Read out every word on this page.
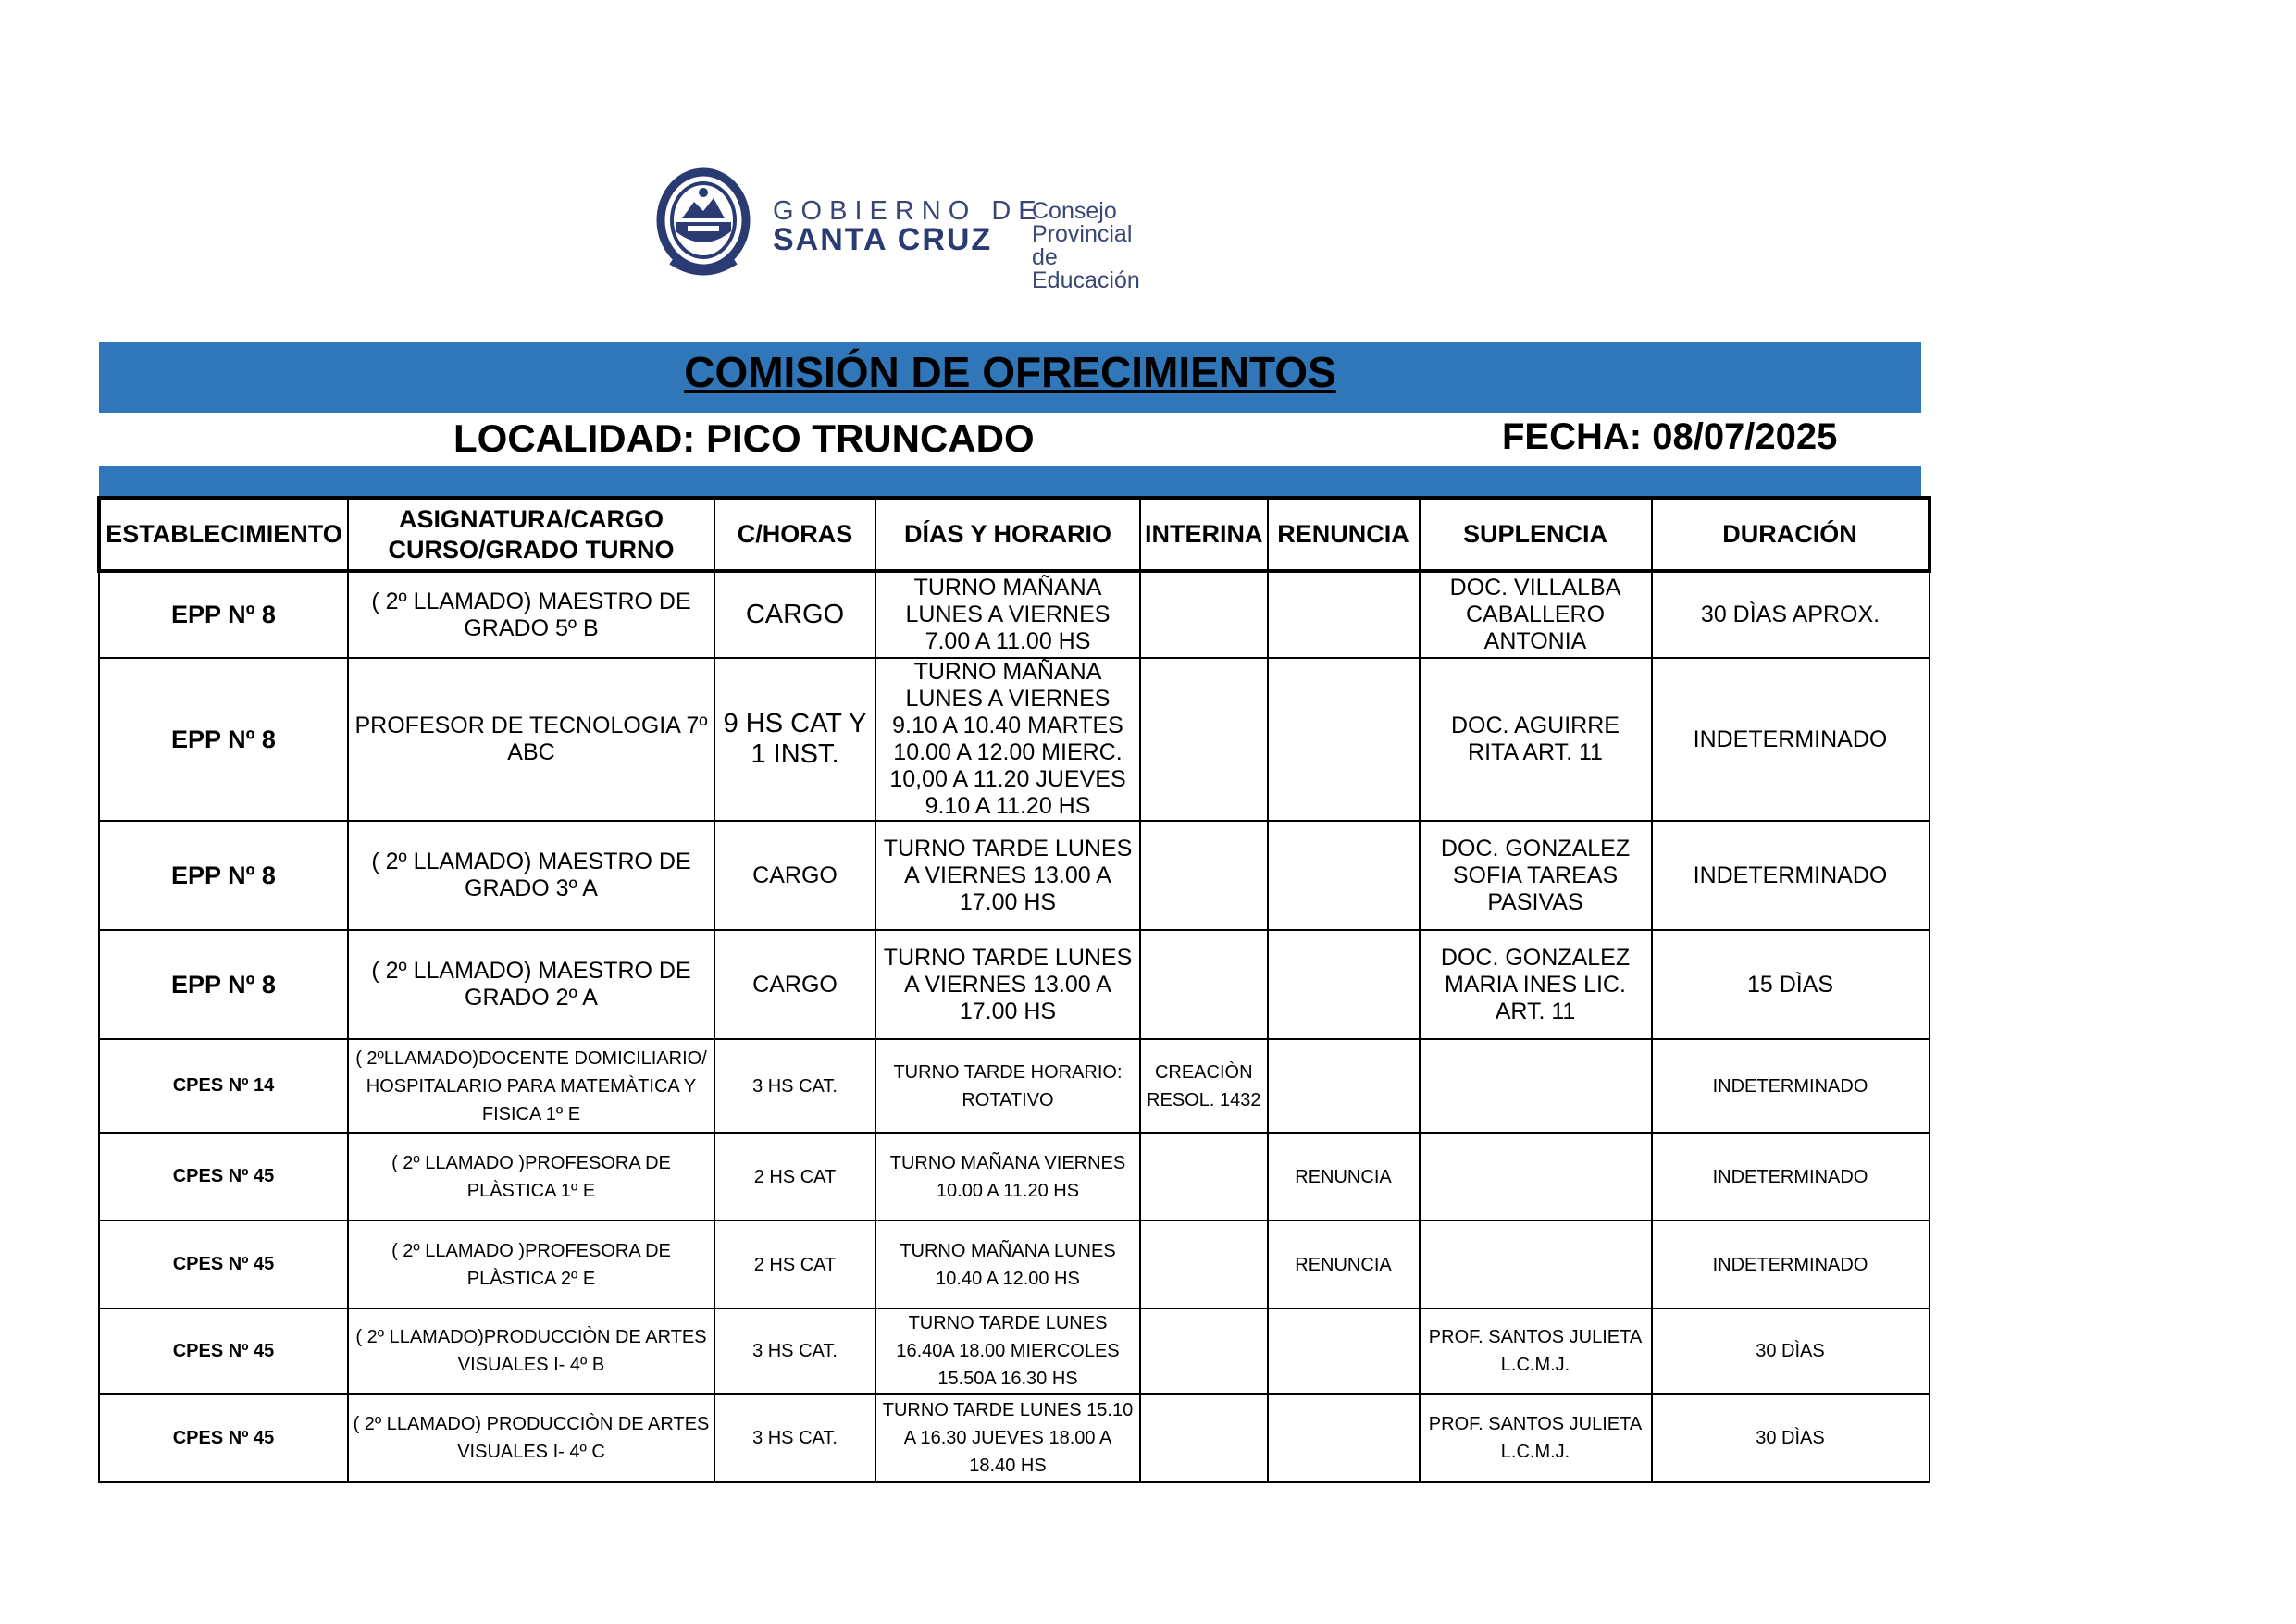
GOBIERNO DE
SANTA CRUZ
Consejo Provincial
de Educación
COMISIÓN DE OFRECIMIENTOS
LOCALIDAD: PICO TRUNCADO	FECHA: 08/07/2025
ESTABLECIMIENTO	ASIGNATURA/CARGO CURSO/GRADO TURNO	C/HORAS	DÍAS Y HORARIO	INTERINA	RENUNCIA	SUPLENCIA	DURACIÓN
EPP Nº 8	( 2º LLAMADO) MAESTRO DE GRADO 5º B	CARGO	TURNO MAÑANA LUNES A VIERNES 7.00 A 11.00 HS			DOC. VILLALBA CABALLERO ANTONIA	30 DÌAS APROX.
EPP Nº 8	PROFESOR DE TECNOLOGIA 7º ABC	9 HS CAT Y 1 INST.	TURNO MAÑANA LUNES A VIERNES 9.10 A 10.40 MARTES 10.00 A 12.00 MIERC. 10,00 A 11.20 JUEVES 9.10 A 11.20 HS			DOC. AGUIRRE RITA ART. 11	INDETERMINADO
EPP Nº 8	( 2º LLAMADO) MAESTRO DE GRADO 3º A	CARGO	TURNO TARDE LUNES A VIERNES 13.00 A 17.00 HS			DOC. GONZALEZ SOFIA TAREAS PASIVAS	INDETERMINADO
EPP Nº 8	( 2º LLAMADO) MAESTRO DE GRADO 2º A	CARGO	TURNO TARDE LUNES A VIERNES 13.00 A 17.00 HS			DOC. GONZALEZ MARIA INES LIC. ART. 11	15 DÌAS
CPES Nº 14	( 2ºLLAMADO)DOCENTE DOMICILIARIO/ HOSPITALARIO PARA MATEMÀTICA Y FISICA 1º E	3 HS CAT.	TURNO TARDE HORARIO: ROTATIVO	CREACIÒN RESOL. 1432			INDETERMINADO
CPES Nº 45	( 2º LLAMADO )PROFESORA DE PLÀSTICA 1º E	2 HS CAT	TURNO MAÑANA VIERNES 10.00 A 11.20 HS		RENUNCIA		INDETERMINADO
CPES Nº 45	( 2º LLAMADO )PROFESORA DE PLÀSTICA 2º E	2 HS CAT	TURNO MAÑANA LUNES 10.40 A 12.00 HS		RENUNCIA		INDETERMINADO
CPES Nº 45	( 2º LLAMADO)PRODUCCIÒN DE ARTES VISUALES I- 4º B	3 HS CAT.	TURNO TARDE LUNES 16.40A 18.00 MIERCOLES 15.50A 16.30 HS			PROF. SANTOS JULIETA L.C.M.J.	30 DÌAS
CPES Nº 45	( 2º LLAMADO) PRODUCCIÒN DE ARTES VISUALES I- 4º C	3 HS CAT.	TURNO TARDE LUNES 15.10 A 16.30 JUEVES 18.00 A 18.40 HS			PROF. SANTOS JULIETA L.C.M.J.	30 DÌAS
